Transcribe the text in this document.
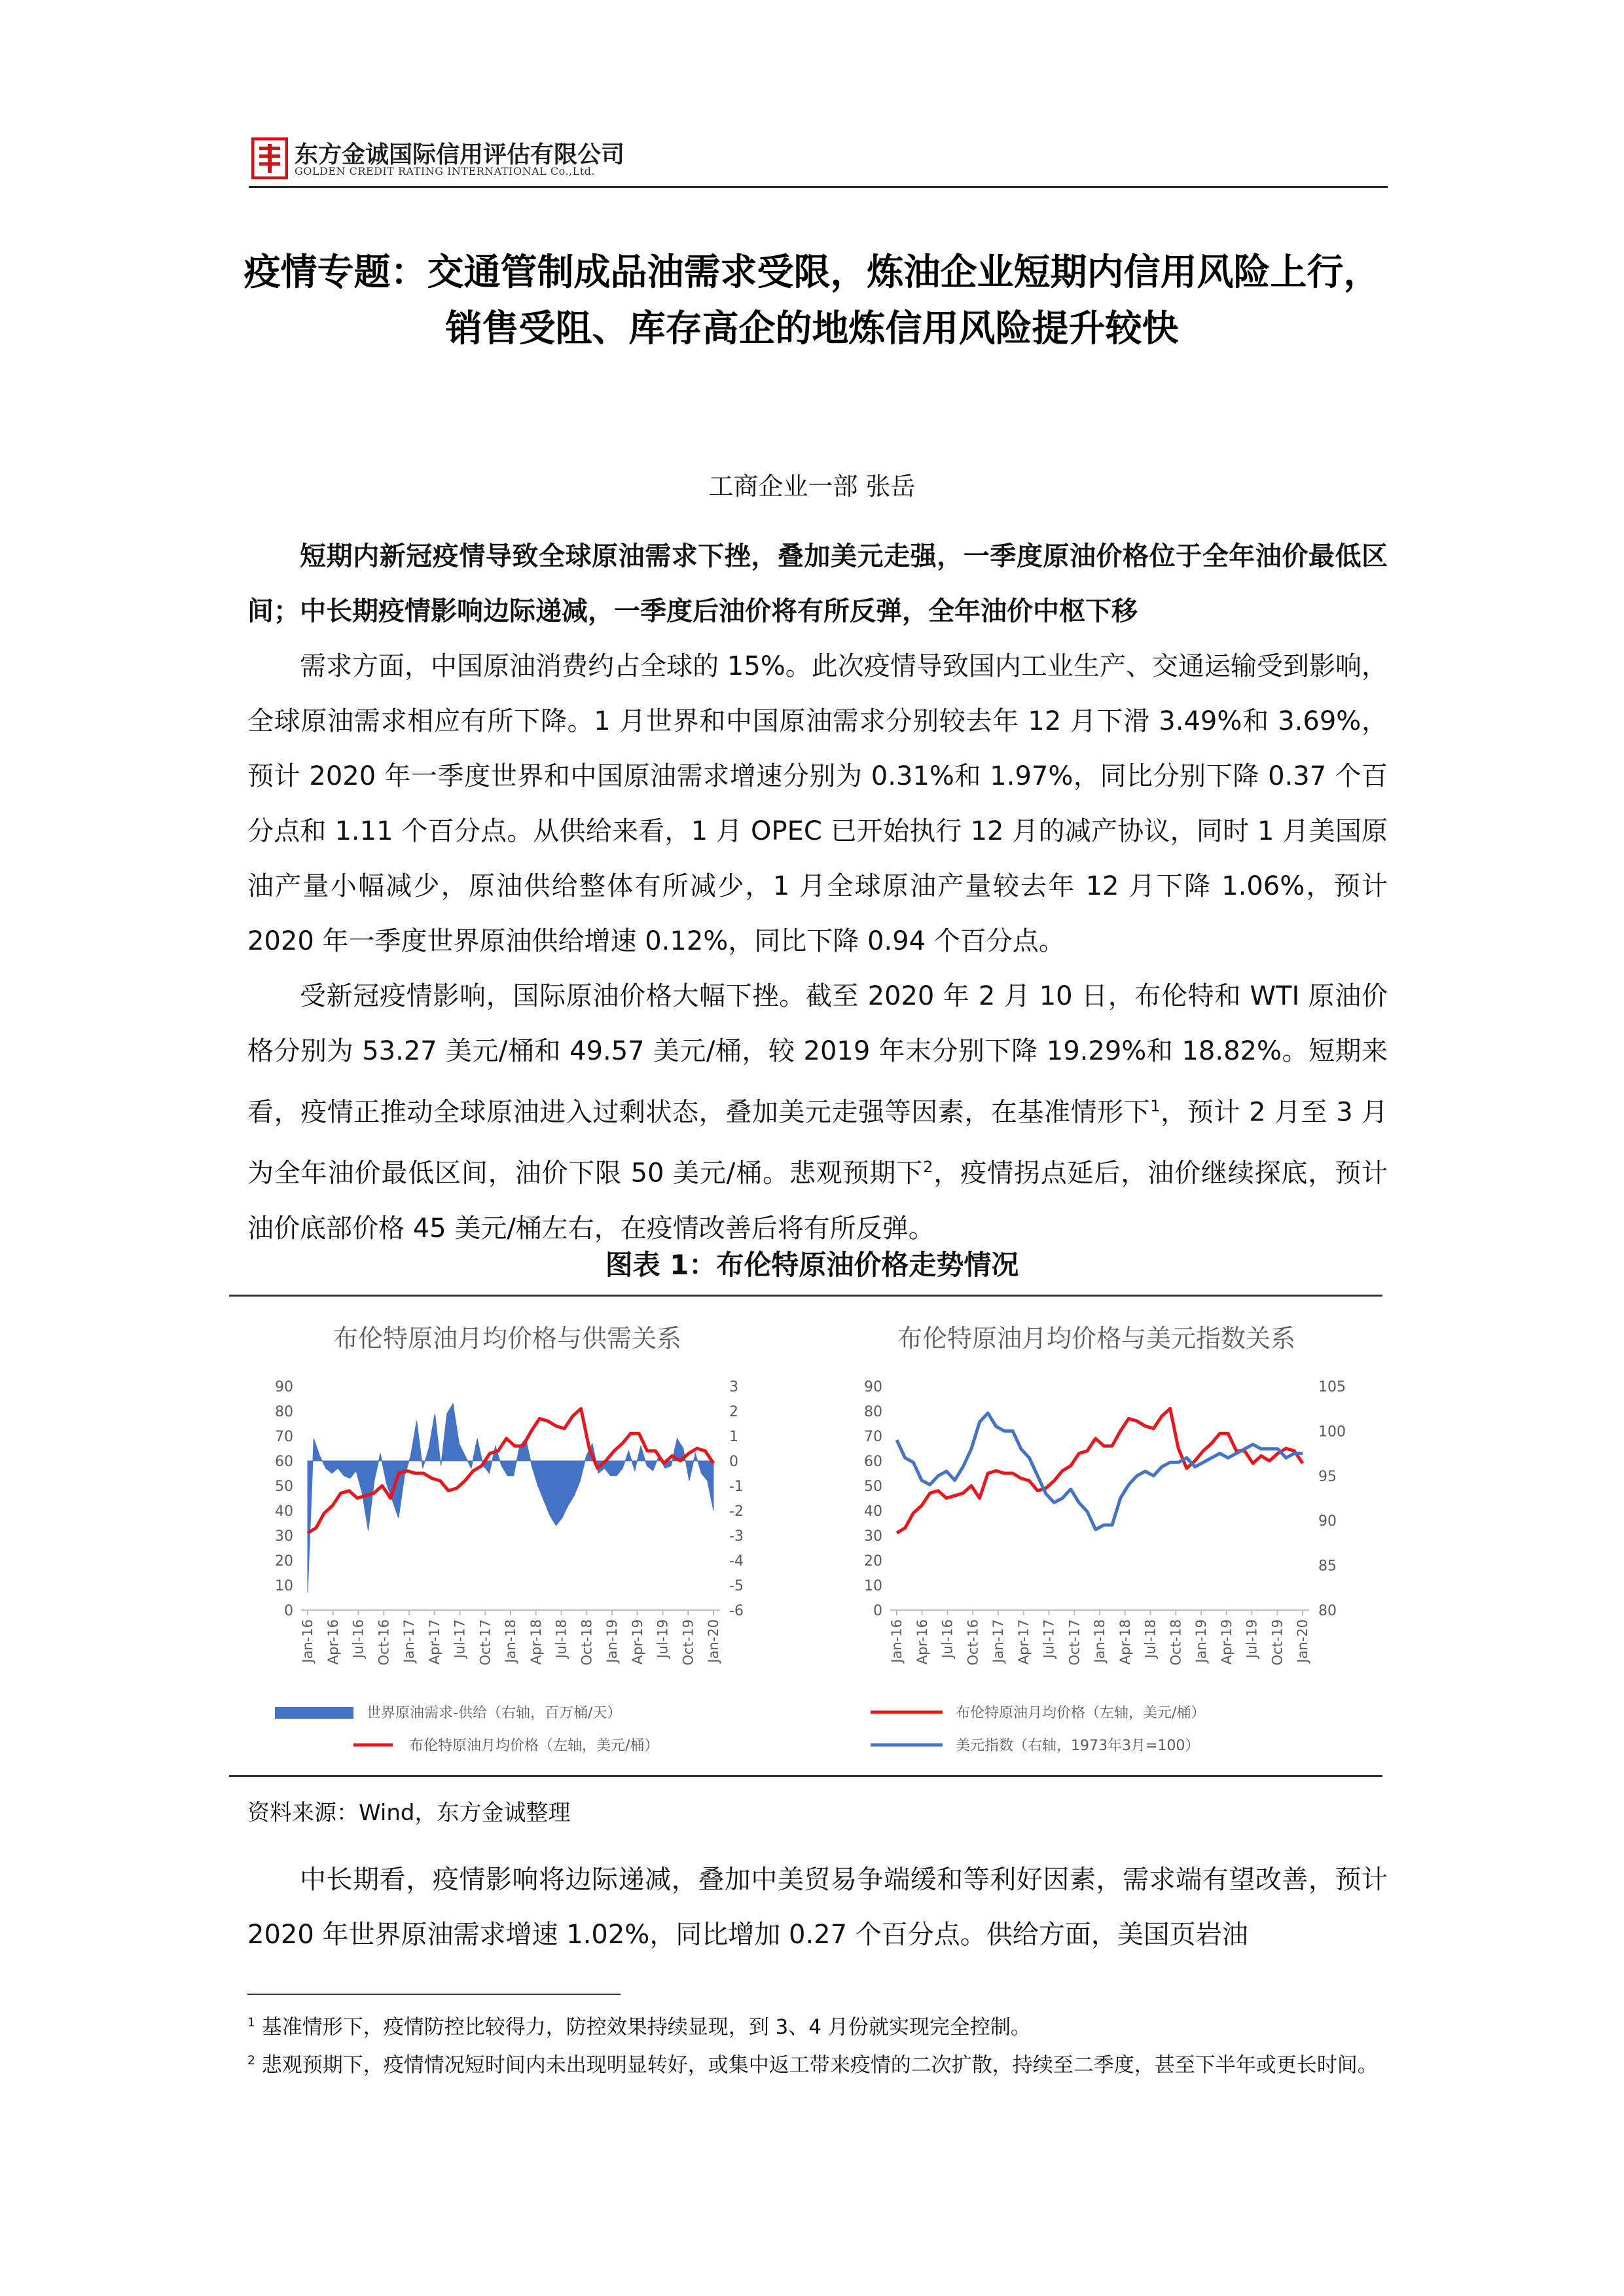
东方金诚国际信用评估有限公司
GOLDEN CREDIT RATING INTERNATIONAL Co.,Ltd.
疫情专题：交通管制成品油需求受限，炼油企业短期内信用风险上行，
销售受阻、库存高企的地炼信用风险提升较快
工商企业一部 张岳

短期内新冠疫情导致全球原油需求下挫，叠加美元走强，一季度原油价格位于全年油价最低区间；中长期疫情影响边际递减，一季度后油价将有所反弹，全年油价中枢下移

需求方面，中国原油消费约占全球的 15%。此次疫情导致国内工业生产、交通运输受到影响，全球原油需求相应有所下降。1 月世界和中国原油需求分别较去年 12 月下滑 3.49%和 3.69%，预计 2020 年一季度世界和中国原油需求增速分别为 0.31%和 1.97%，同比分别下降 0.37 个百分点和 1.11 个百分点。从供给来看，1 月 OPEC 已开始执行 12 月的减产协议，同时 1 月美国原油产量小幅减少，原油供给整体有所减少，1 月全球原油产量较去年 12 月下降 1.06%，预计 2020 年一季度世界原油供给增速 0.12%，同比下降 0.94 个百分点。

受新冠疫情影响，国际原油价格大幅下挫。截至 2020 年 2 月 10 日，布伦特和 WTI 原油价格分别为 53.27 美元/桶和 49.57 美元/桶，较 2019 年末分别下降 19.29%和 18.82%。短期来看，疫情正推动全球原油进入过剩状态，叠加美元走强等因素，在基准情形下$^1$，预计 2 月至 3 月为全年油价最低区间，油价下限 50 美元/桶。悲观预期下$^2$，疫情拐点延后，油价继续探底，预计油价底部价格 45 美元/桶左右，在疫情改善后将有所反弹。

图表 1：布伦特原油价格走势情况
布伦特原油月均价格与供需关系
0
10
20
30
40
50
60
70
80
90
-6
-5
-4
-3
-2
-1
0
1
2
3
Jan-16 Apr-16 Jul-16 Oct-16 Jan-17 Apr-17 Jul-17 Oct-17 Jan-18 Apr-18 Jul-18 Oct-18 Jan-19 Apr-19 Jul-19 Oct-19 Jan-20
世界原油需求-供给（右轴，百万桶/天）
布伦特原油月均价格（左轴，美元/桶）
布伦特原油月均价格与美元指数关系
0
10
20
30
40
50
60
70
80
90
80
85
90
95
100
105
Jan-16 Apr-16 Jul-16 Oct-16 Jan-17 Apr-17 Jul-17 Oct-17 Jan-18 Apr-18 Jul-18 Oct-18 Jan-19 Apr-19 Jul-19 Oct-19 Jan-20
布伦特原油月均价格（左轴，美元/桶）
美元指数（右轴，1973年3月=100）
资料来源：Wind，东方金诚整理

中长期看，疫情影响将边际递减，叠加中美贸易争端缓和等利好因素，需求端有望改善，预计 2020 年世界原油需求增速 1.02%，同比增加 0.27 个百分点。供给方面，美国页岩油

$^1$ 基准情形下，疫情防控比较得力，防控效果持续显现，到 3、4 月份就实现完全控制。

$^2$ 悲观预期下，疫情情况短时间内未出现明显转好，或集中返工带来疫情的二次扩散，持续至二季度，甚至下半年或更长时间。
